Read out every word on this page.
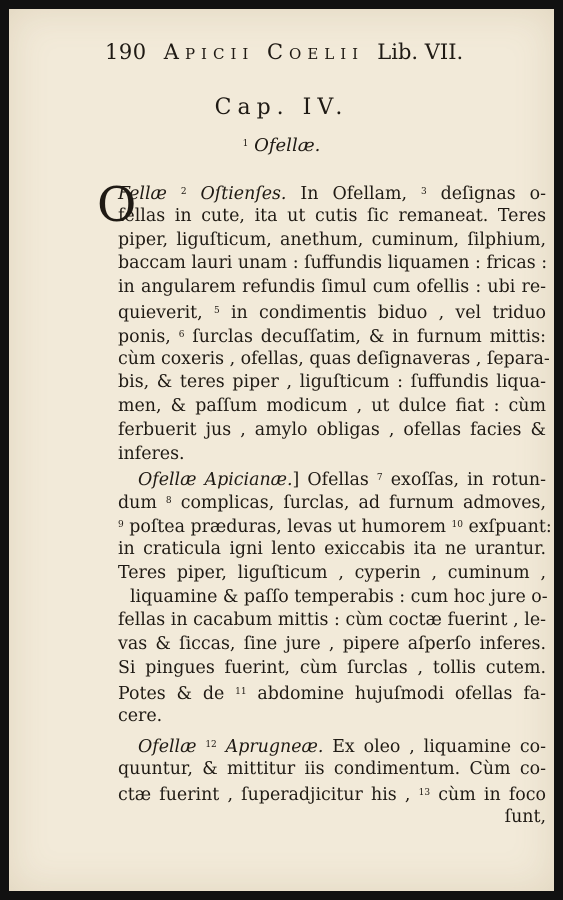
190 Apicii Coelii Lib. VII.
Cap. IV.
$^1$ Ofellæ.
O
Fellæ $^2$ Oſtienſes. In Ofellam, $^3$ deſignas o-
fellas in cute, ita ut cutis ſic remaneat. Teres
piper, liguſticum, anethum, cuminum, ſilphium,
baccam lauri unam : ſuffundis liquamen : fricas :
in angularem refundis ſimul cum ofellis : ubi re-
quieverit, $^5$ in condimentis biduo , vel triduo
ponis, $^6$ ſurclas decuſſatim, & in furnum mittis:
cùm coxeris , ofellas, quas deſignaveras , ſepara-
bis, & teres piper , liguſticum : ſuffundis liqua-
men, & paſſum modicum , ut dulce fiat : cùm
ferbuerit jus , amylo obligas , ofellas facies &
inferes.
Ofellæ Apicianæ.] Ofellas $^7$ exoſſas, in rotun-
dum $^8$ complicas, ſurclas, ad furnum admoves,
$^9$ poſtea præduras, levas ut humorem $^{10}$ exſpuant:
in craticula igni lento exiccabis ita ne urantur.
Teres piper, liguſticum , cyperin , cuminum ,
liquamine & paſſo temperabis : cum hoc jure o-
fellas in cacabum mittis : cùm coctæ fuerint , le-
vas & ſiccas, ſine jure , pipere aſperſo inferes.
Si pingues fuerint, cùm ſurclas , tollis cutem.
Potes & de $^{11}$ abdomine hujuſmodi ofellas fa-
cere.
Ofellæ $^{12}$ Aprugneæ. Ex oleo , liquamine co-
quuntur, & mittitur iis condimentum. Cùm co-
ctæ fuerint , ſuperadjicitur his , $^{13}$ cùm in foco
ſunt,
